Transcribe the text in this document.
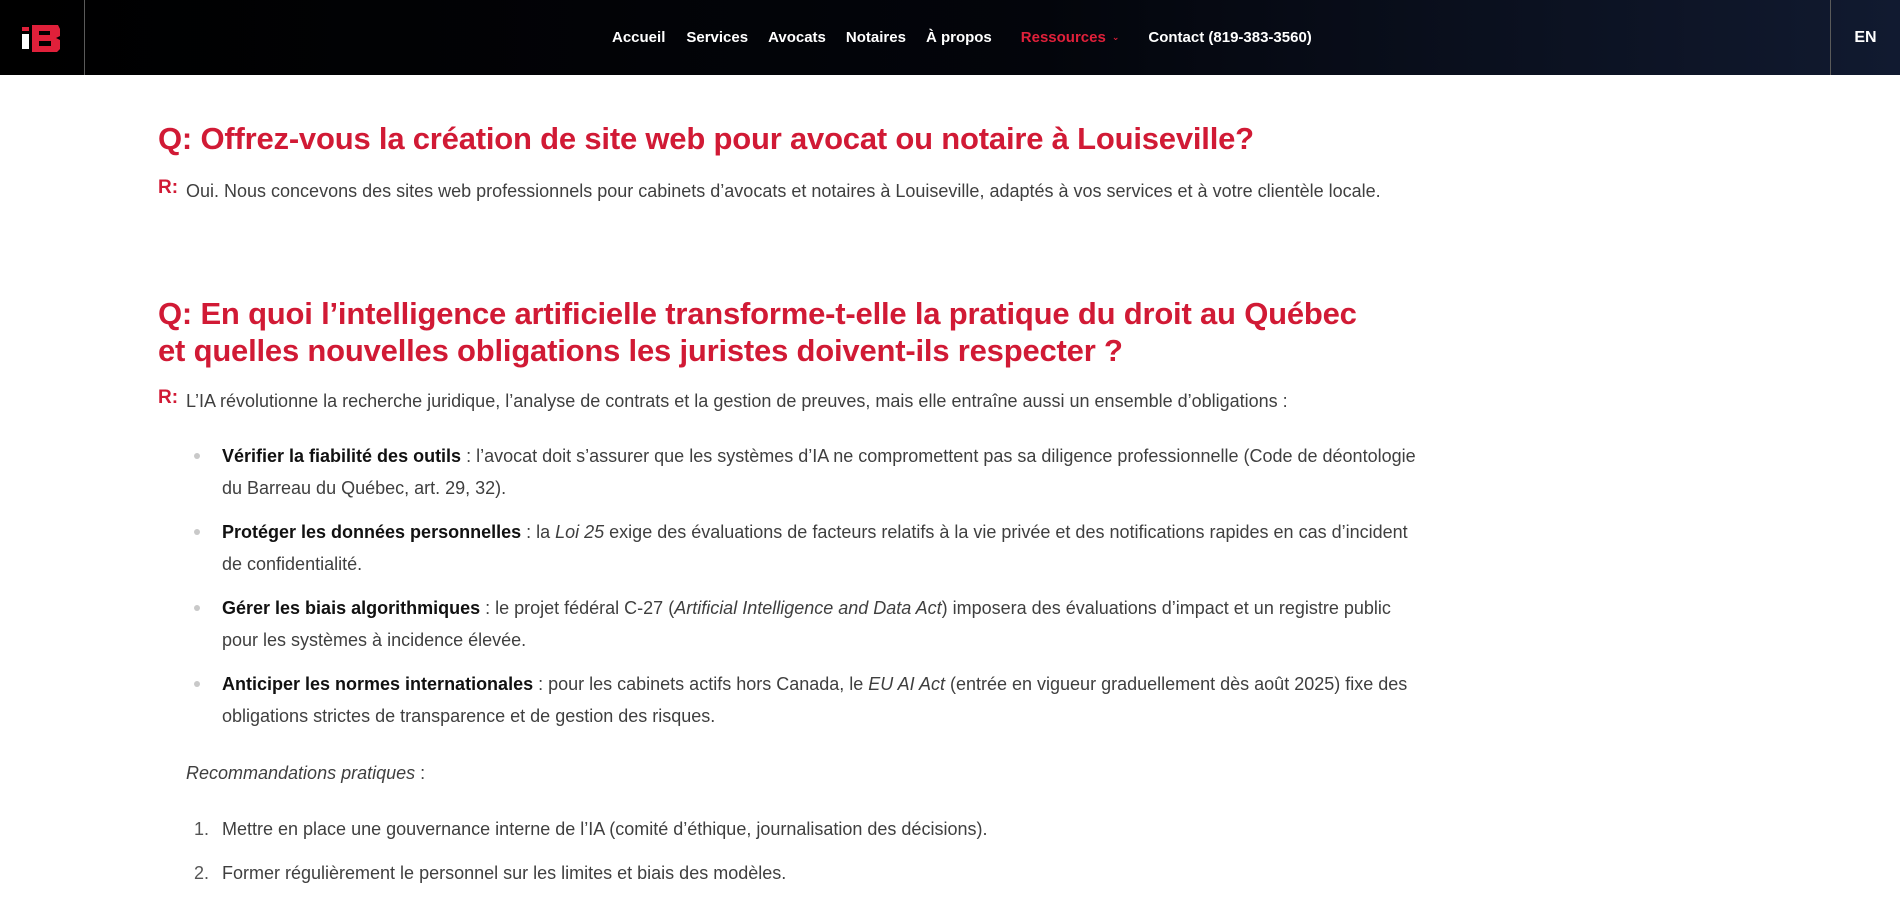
Accueil Services Avocats Notaires À propos Ressources ⌄ Contact (819-383-3560)	EN
Q: Offrez-vous la création de site web pour avocat ou notaire à Louiseville?
R: Oui. Nous concevons des sites web professionnels pour cabinets d’avocats et notaires à Louiseville, adaptés à vos services et à votre clientèle locale.

Q: En quoi l’intelligence artificielle transforme-t-elle la pratique du droit au Québec
et quelles nouvelles obligations les juristes doivent-ils respecter ?
R: L’IA révolutionne la recherche juridique, l’analyse de contrats et la gestion de preuves, mais elle entraîne aussi un ensemble d’obligations :

Vérifier la fiabilité des outils : l’avocat doit s’assurer que les systèmes d’IA ne compromettent pas sa diligence professionnelle (Code de déontologie du Barreau du Québec, art. 29, 32).
Protéger les données personnelles : la Loi 25 exige des évaluations de facteurs relatifs à la vie privée et des notifications rapides en cas d’incident de confidentialité.
Gérer les biais algorithmiques : le projet fédéral C-27 (Artificial Intelligence and Data Act) imposera des évaluations d’impact et un registre public pour les systèmes à incidence élevée.
Anticiper les normes internationales : pour les cabinets actifs hors Canada, le EU AI Act (entrée en vigueur graduellement dès août 2025) fixe des obligations strictes de transparence et de gestion des risques.

Recommandations pratiques :

1. Mettre en place une gouvernance interne de l’IA (comité d’éthique, journalisation des décisions).
2. Former régulièrement le personnel sur les limites et biais des modèles.
